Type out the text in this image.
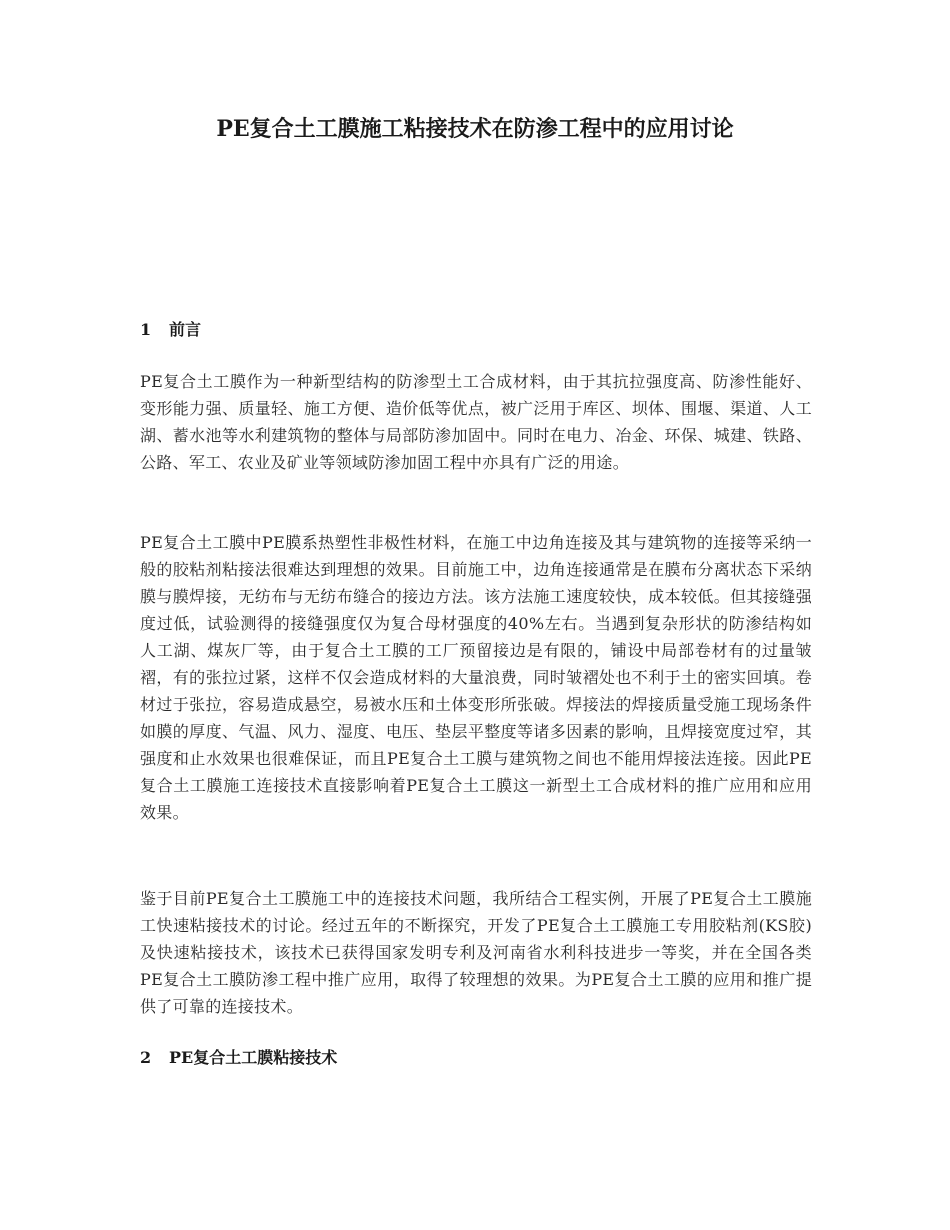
PE复合土工膜施工粘接技术在防渗工程中的应用讨论
1 前言

PE复合土工膜作为一种新型结构的防渗型土工合成材料，由于其抗拉强度高、防渗性能好、变形能力强、质量轻、施工方便、造价低等优点，被广泛用于库区、坝体、围堰、渠道、人工湖、蓄水池等水利建筑物的整体与局部防渗加固中。同时在电力、冶金、环保、城建、铁路、公路、军工、农业及矿业等领域防渗加固工程中亦具有广泛的用途。

PE复合土工膜中PE膜系热塑性非极性材料，在施工中边角连接及其与建筑物的连接等采纳一般的胶粘剂粘接法很难达到理想的效果。目前施工中，边角连接通常是在膜布分离状态下采纳膜与膜焊接，无纺布与无纺布缝合的接边方法。该方法施工速度较快，成本较低。但其接缝强度过低，试验测得的接缝强度仅为复合母材强度的40%左右。当遇到复杂形状的防渗结构如人工湖、煤灰厂等，由于复合土工膜的工厂预留接边是有限的，铺设中局部卷材有的过量皱褶，有的张拉过紧，这样不仅会造成材料的大量浪费，同时皱褶处也不利于土的密实回填。卷材过于张拉，容易造成悬空，易被水压和土体变形所张破。焊接法的焊接质量受施工现场条件如膜的厚度、气温、风力、湿度、电压、垫层平整度等诸多因素的影响，且焊接宽度过窄，其强度和止水效果也很难保证，而且PE复合土工膜与建筑物之间也不能用焊接法连接。因此PE复合土工膜施工连接技术直接影响着PE复合土工膜这一新型土工合成材料的推广应用和应用效果。

鉴于目前PE复合土工膜施工中的连接技术问题，我所结合工程实例，开展了PE复合土工膜施工快速粘接技术的讨论。经过五年的不断探究，开发了PE复合土工膜施工专用胶粘剂(KS胶)及快速粘接技术，该技术已获得国家发明专利及河南省水利科技进步一等奖，并在全国各类PE复合土工膜防渗工程中推广应用，取得了较理想的效果。为PE复合土工膜的应用和推广提供了可靠的连接技术。

2 PE复合土工膜粘接技术
